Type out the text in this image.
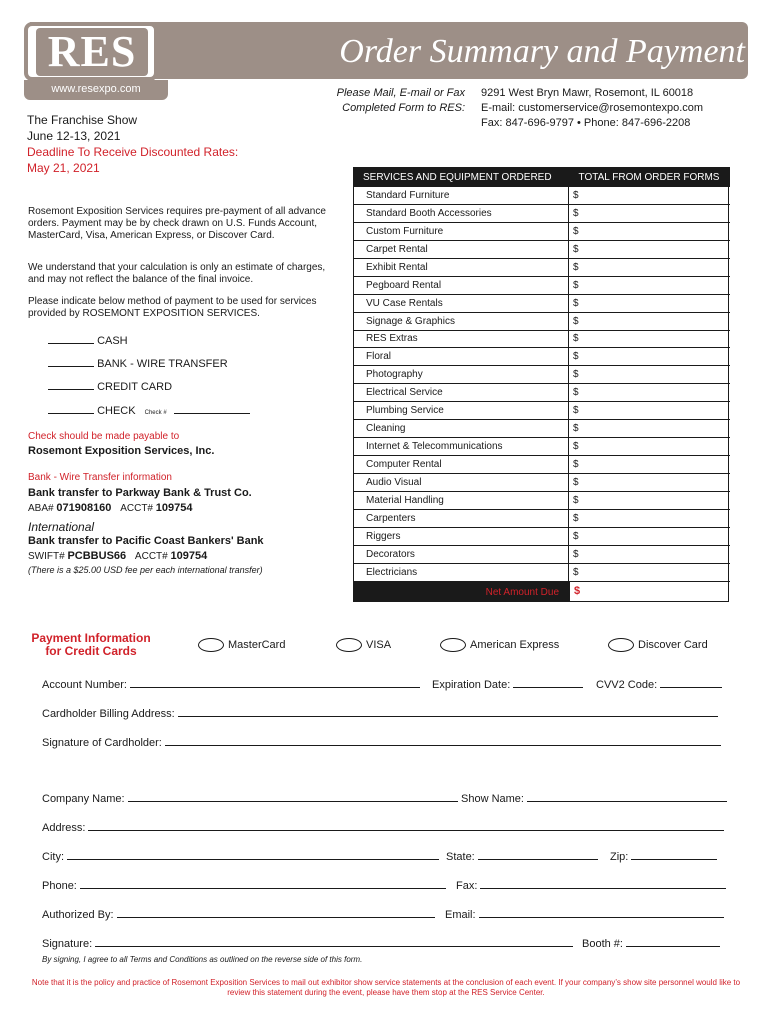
RES	Order Summary and Payment
www.resexpo.com	Please Mail, E-mail or Fax
Completed Form to RES:
9291 West Bryn Mawr, Rosemont, IL 60018
E-mail: customerservice@rosemontexpo.com
Fax: 847-696-9797 • Phone: 847-696-2208
The Franchise Show
June 12-13, 2021
Deadline To Receive Discounted Rates:
May 21, 2021
Rosemont Exposition Services requires pre-payment of all advance orders. Payment may be by check drawn on U.S. Funds Account, MasterCard, Visa, American Express, or Discover Card.
We understand that your calculation is only an estimate of charges, and may not reflect the balance of the final invoice.
Please indicate below method of payment to be used for services provided by ROSEMONT EXPOSITION SERVICES.
CASH
BANK - WIRE TRANSFER
CREDIT CARD
CHECK Check #
Check should be made payable to
Rosemont Exposition Services, Inc.
Bank - Wire Transfer information
Bank transfer to Parkway Bank & Trust Co.
ABA# 071908160 ACCT# 109754
International
Bank transfer to Pacific Coast Bankers' Bank
SWIFT# PCBBUS66 ACCT# 109754
(There is a $25.00 USD fee per each international transfer)
SERVICES AND EQUIPMENT ORDERED	TOTAL FROM ORDER FORMS
Standard Furniture	$
Standard Booth Accessories	$
Custom Furniture	$
Carpet Rental	$
Exhibit Rental	$
Pegboard Rental	$
VU Case Rentals	$
Signage & Graphics	$
RES Extras	$
Floral	$
Photography	$
Electrical Service	$
Plumbing Service	$
Cleaning	$
Internet & Telecommunications	$
Computer Rental	$
Audio Visual	$
Material Handling	$
Carpenters	$
Riggers	$
Decorators	$
Electricians	$
Net Amount Due	$
Payment Information
for Credit Cards	MasterCard	VISA	American Express	Discover Card
Account Number:	Expiration Date:	CVV2 Code:
Cardholder Billing Address:
Signature of Cardholder:
Company Name:	Show Name:
Address:
City:	State:	Zip:
Phone:	Fax:
Authorized By:	Email:
Signature:	Booth #:
By signing, I agree to all Terms and Conditions as outlined on the reverse side of this form.
Note that it is the policy and practice of Rosemont Exposition Services to mail out exhibitor show service statements at the conclusion of each event. If your company’s show site personnel would like to review this statement during the event, please have them stop at the RES Service Center.
